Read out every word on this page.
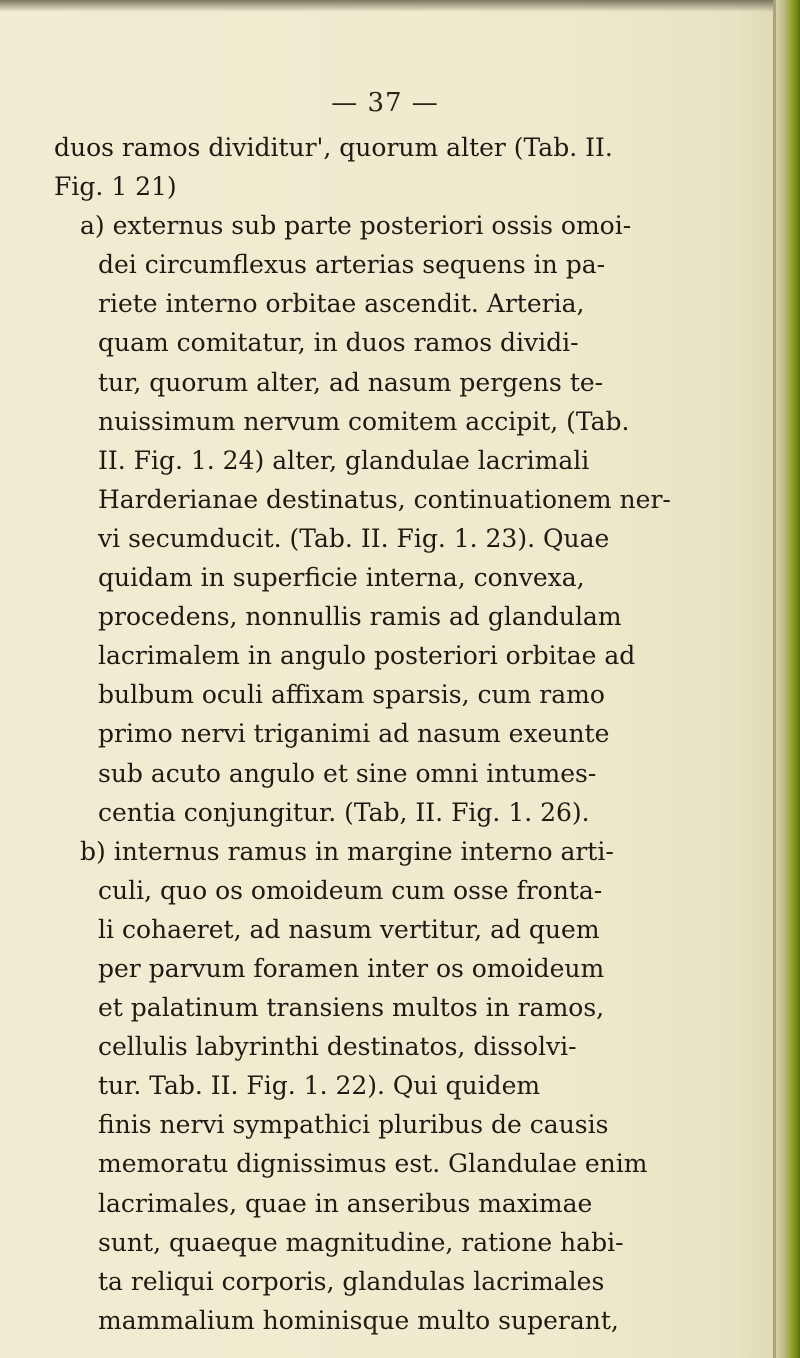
— 37 —
duos ramos dividitur', quorum alter (Tab. II.
Fig. 1 21)
a) externus sub parte posteriori ossis omoi-
dei circumflexus arterias sequens in pa-
riete interno orbitae ascendit. Arteria,
quam comitatur, in duos ramos dividi-
tur, quorum alter, ad nasum pergens te-
nuissimum nervum comitem accipit, (Tab.
II. Fig. 1. 24) alter, glandulae lacrimali
Harderianae destinatus, continuationem ner-
vi secumducit. (Tab. II. Fig. 1. 23). Quae
quidam in superficie interna, convexa,
procedens, nonnullis ramis ad glandulam
lacrimalem in angulo posteriori orbitae ad
bulbum oculi affixam sparsis, cum ramo
primo nervi triganimi ad nasum exeunte
sub acuto angulo et sine omni intumes-
centia conjungitur. (Tab, II. Fig. 1. 26).
b) internus ramus in margine interno arti-
culi, quo os omoideum cum osse fronta-
li cohaeret, ad nasum vertitur, ad quem
per parvum foramen inter os omoideum
et palatinum transiens multos in ramos,
cellulis labyrinthi destinatos, dissolvi-
tur. Tab. II. Fig. 1. 22). Qui quidem
finis nervi sympathici pluribus de causis
memoratu dignissimus est. Glandulae enim
lacrimales, quae in anseribus maximae
sunt, quaeque magnitudine, ratione habi-
ta reliqui corporis, glandulas lacrimales
mammalium hominisque multo superant,
